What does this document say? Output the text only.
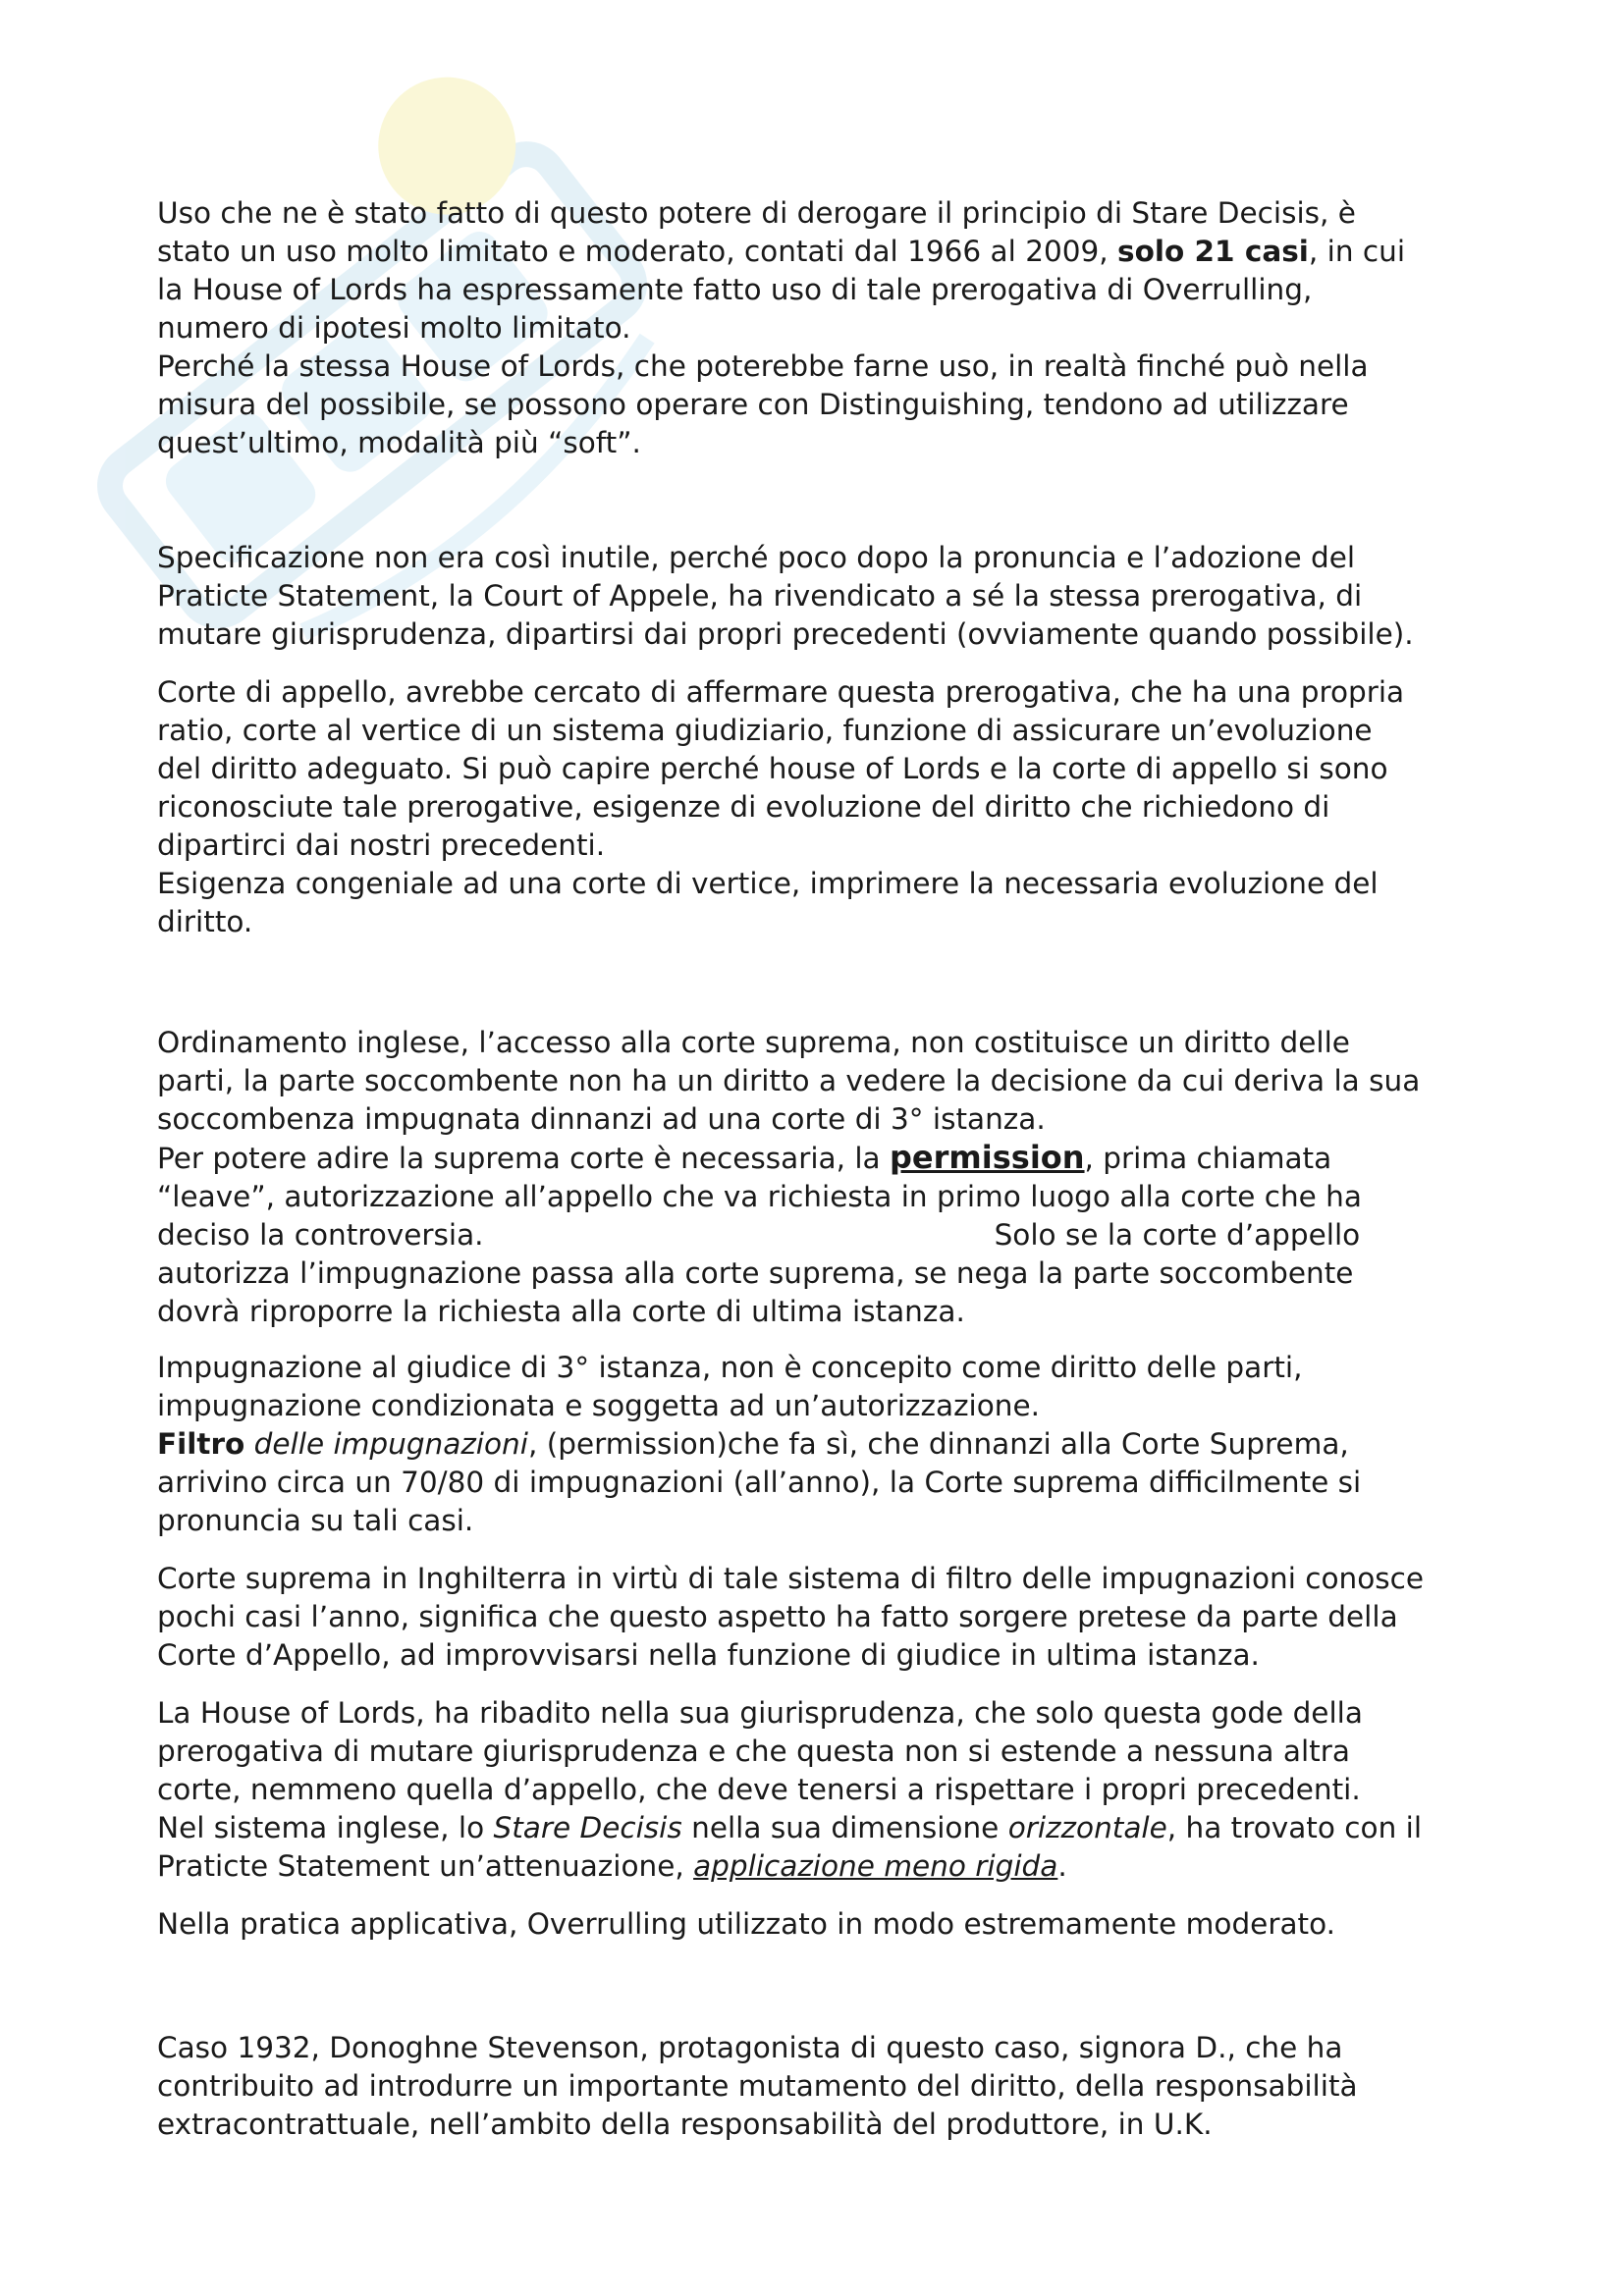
Uso che ne è stato fatto di questo potere di derogare il principio di Stare Decisis, è

stato un uso molto limitato e moderato, contati dal 1966 al 2009, solo 21 casi, in cui

la House of Lords ha espressamente fatto uso di tale prerogativa di Overrulling,

numero di ipotesi molto limitato.

Perché la stessa House of Lords, che poterebbe farne uso, in realtà finché può nella

misura del possibile, se possono operare con Distinguishing, tendono ad utilizzare

quest’ultimo, modalità più “soft”.

Specificazione non era così inutile, perché poco dopo la pronuncia e l’adozione del

Praticte Statement, la Court of Appele, ha rivendicato a sé la stessa prerogativa, di

mutare giurisprudenza, dipartirsi dai propri precedenti (ovviamente quando possibile).

Corte di appello, avrebbe cercato di affermare questa prerogativa, che ha una propria

ratio, corte al vertice di un sistema giudiziario, funzione di assicurare un’evoluzione

del diritto adeguato. Si può capire perché house of Lords e la corte di appello si sono

riconosciute tale prerogative, esigenze di evoluzione del diritto che richiedono di

dipartirci dai nostri precedenti.

Esigenza congeniale ad una corte di vertice, imprimere la necessaria evoluzione del

diritto.

Ordinamento inglese, l’accesso alla corte suprema, non costituisce un diritto delle

parti, la parte soccombente non ha un diritto a vedere la decisione da cui deriva la sua

soccombenza impugnata dinnanzi ad una corte di 3° istanza.

Per potere adire la suprema corte è necessaria, la permission, prima chiamata

“leave”, autorizzazione all’appello che va richiesta in primo luogo alla corte che ha

deciso la controversia.	Solo se la corte d’appello

autorizza l’impugnazione passa alla corte suprema, se nega la parte soccombente

dovrà riproporre la richiesta alla corte di ultima istanza.

Impugnazione al giudice di 3° istanza, non è concepito come diritto delle parti,

impugnazione condizionata e soggetta ad un’autorizzazione.

Filtro delle impugnazioni, (permission)che fa sì, che dinnanzi alla Corte Suprema,

arrivino circa un 70/80 di impugnazioni (all’anno), la Corte suprema difficilmente si

pronuncia su tali casi.

Corte suprema in Inghilterra in virtù di tale sistema di filtro delle impugnazioni conosce

pochi casi l’anno, significa che questo aspetto ha fatto sorgere pretese da parte della

Corte d’Appello, ad improvvisarsi nella funzione di giudice in ultima istanza.

La House of Lords, ha ribadito nella sua giurisprudenza, che solo questa gode della

prerogativa di mutare giurisprudenza e che questa non si estende a nessuna altra

corte, nemmeno quella d’appello, che deve tenersi a rispettare i propri precedenti.

Nel sistema inglese, lo Stare Decisis nella sua dimensione orizzontale, ha trovato con il

Praticte Statement un’attenuazione, applicazione meno rigida.

Nella pratica applicativa, Overrulling utilizzato in modo estremamente moderato.

Caso 1932, Donoghne Stevenson, protagonista di questo caso, signora D., che ha

contribuito ad introdurre un importante mutamento del diritto, della responsabilità

extracontrattuale, nell’ambito della responsabilità del produttore, in U.K.
